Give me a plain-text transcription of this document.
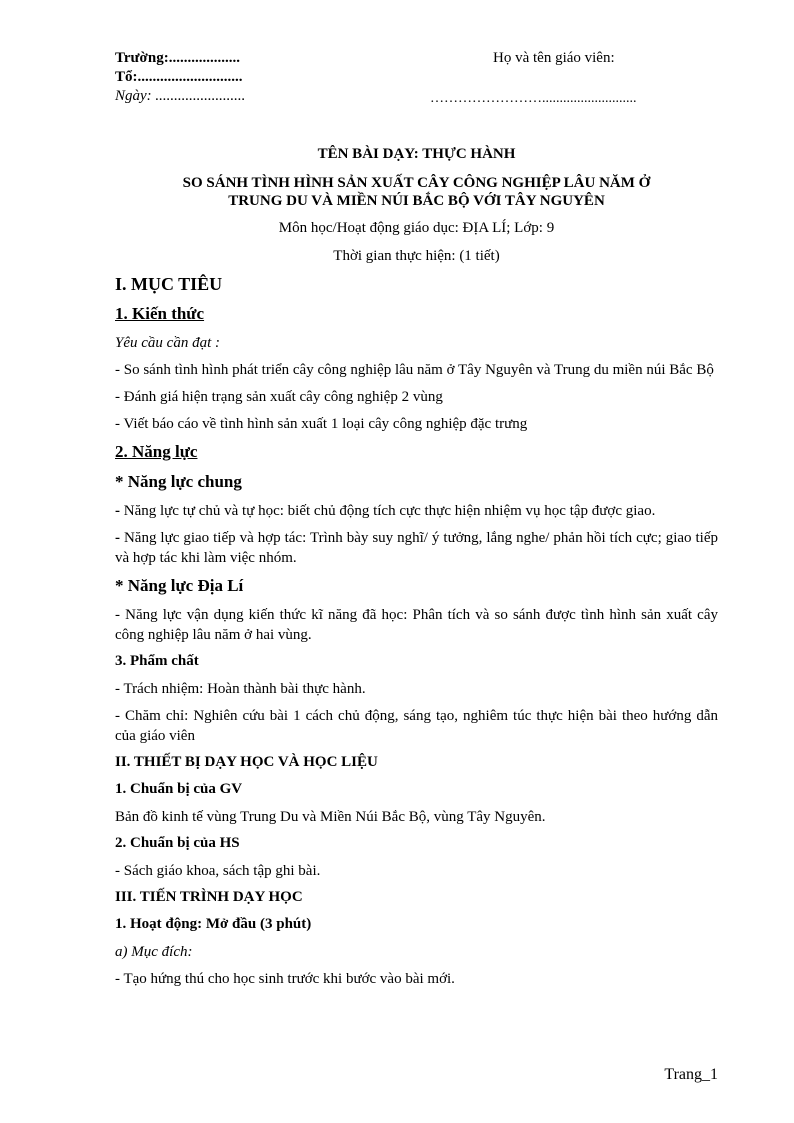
Trường:...................
Tổ:............................
Ngày: ........................
Họ và tên giáo viên:
……………………...........................
TÊN BÀI DẠY: THỰC HÀNH
SO SÁNH TÌNH HÌNH SẢN XUẤT CÂY CÔNG NGHIỆP LÂU NĂM Ở
TRUNG DU VÀ MIỀN NÚI BẮC BỘ VỚI TÂY NGUYÊN
Môn học/Hoạt động giáo dục: ĐỊA LÍ; Lớp: 9
Thời gian thực hiện: (1 tiết)
I. MỤC TIÊU
1. Kiến thức
Yêu cầu cần đạt :
- So sánh tình hình phát triển cây công nghiệp lâu năm ở Tây Nguyên và Trung du miền núi Bắc Bộ
- Đánh giá hiện trạng sản xuất cây công nghiệp 2 vùng
- Viết báo cáo về tình hình sản xuất 1 loại cây công nghiệp đặc trưng
2. Năng lực
* Năng lực chung
- Năng lực tự chủ và tự học: biết chủ động tích cực thực hiện nhiệm vụ học tập được giao.
- Năng lực giao tiếp và hợp tác: Trình bày suy nghĩ/ ý tưởng, lắng nghe/ phản hồi tích cực; giao tiếp và hợp tác khi làm việc nhóm.
* Năng lực Địa Lí
- Năng lực vận dụng kiến thức kĩ năng đã học: Phân tích và so sánh được tình hình sản xuất cây công nghiệp lâu năm ở hai vùng.
3. Phẩm chất
- Trách nhiệm: Hoàn thành bài thực hành.
- Chăm chỉ: Nghiên cứu bài 1 cách chủ động, sáng tạo, nghiêm túc thực hiện bài theo hướng dẫn của giáo viên
II. THIẾT BỊ DẠY HỌC VÀ HỌC LIỆU
1. Chuẩn bị của GV
Bản đồ kinh tế vùng Trung Du và Miền Núi Bắc Bộ, vùng Tây Nguyên.
2. Chuẩn bị của HS
- Sách giáo khoa, sách tập ghi bài.
III. TIẾN TRÌNH DẠY HỌC
1. Hoạt động: Mở đầu (3 phút)
a) Mục đích:
- Tạo hứng thú cho học sinh trước khi bước vào bài mới.
Trang_1
